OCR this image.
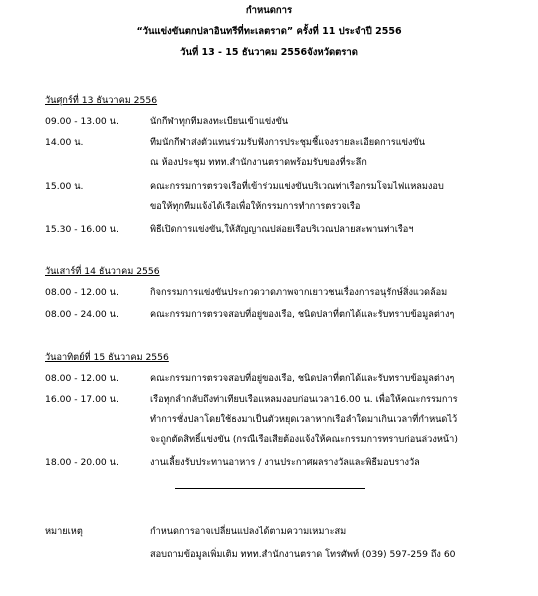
กำหนดการ
“วันแข่งขันตกปลาอินทรีที่ทะเลตราด” ครั้งที่ 11 ประจำปี 2556
วันที่ 13 - 15 ธันวาคม 2556จังหวัดตราด
วันศุกร์ที่ 13 ธันวาคม 2556
09.00 - 13.00 น.	นักกีฬาทุกทีมลงทะเบียนเข้าแข่งขัน
14.00 น.	ทีมนักกีฬาส่งตัวแทนร่วมรับฟังการประชุมชี้แจงรายละเอียดการแข่งขัน
ณ ห้องประชุม ททท.สำนักงานตราดพร้อมรับของที่ระลึก
15.00 น.	คณะกรรมการตรวจเรือที่เข้าร่วมแข่งขันบริเวณท่าเรือกรมโจมไฟแหลมงอบ
ขอให้ทุกทีมแจ้งได้เรือเพื่อให้กรรมการทำการตรวจเรือ
15.30 - 16.00 น.	พิธีเปิดการแข่งขัน,ให้สัญญาณปล่อยเรือบริเวณปลายสะพานท่าเรือฯ
วันเสาร์ที่ 14 ธันวาคม 2556
08.00 - 12.00 น.	กิจกรรมการแข่งขันประกวดวาดภาพจากเยาวชนเรื่องการอนุรักษ์สิ่งแวดล้อม
08.00 - 24.00 น.	คณะกรรมการตรวจสอบที่อยู่ของเรือ, ชนิดปลาที่ตกได้และรับทราบข้อมูลต่างๆ
วันอาทิตย์ที่ 15 ธันวาคม 2556
08.00 - 12.00 น.	คณะกรรมการตรวจสอบที่อยู่ของเรือ, ชนิดปลาที่ตกได้และรับทราบข้อมูลต่างๆ
16.00 - 17.00 น.	เรือทุกลำกลับถึงท่าเทียบเรือแหลมงอบก่อนเวลา16.00 น. เพื่อให้คณะกรรมการ
ทำการชั่งปลาโดยใช้ธงมาเป็นตัวหยุดเวลาหากเรือลำใดมาเกินเวลาที่กำหนดไว้
จะถูกตัดสิทธิ์แข่งขัน (กรณีเรือเสียต้องแจ้งให้คณะกรรมการทราบก่อนล่วงหน้า)
18.00 - 20.00 น.	งานเลี้ยงรับประทานอาหาร / งานประกาศผลรางวัลและพิธีมอบรางวัล
หมายเหตุ	กำหนดการอาจเปลี่ยนแปลงได้ตามความเหมาะสม
สอบถามข้อมูลเพิ่มเติม ททท.สำนักงานตราด โทรศัพท์ (039) 597-259 ถึง 60
